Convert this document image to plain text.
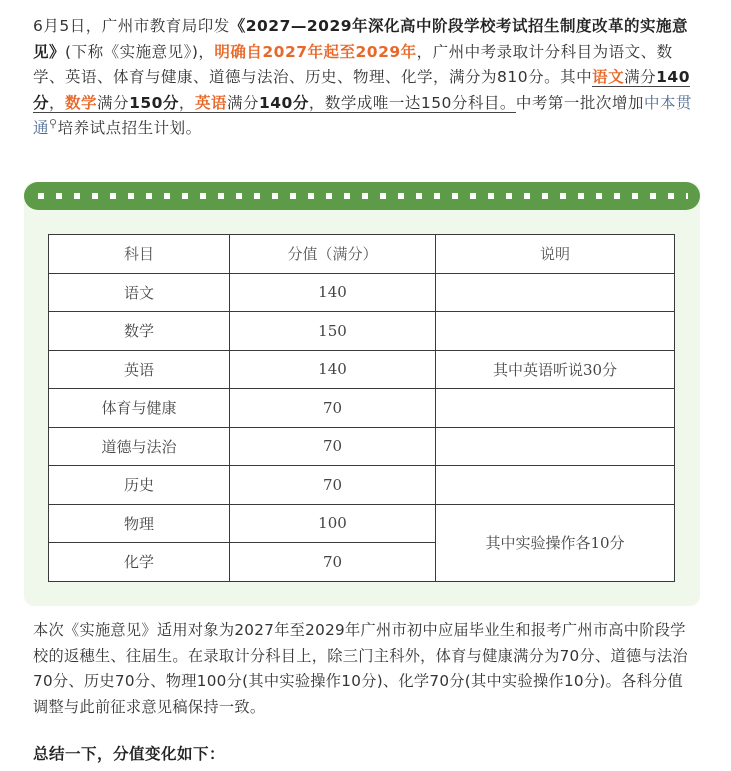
6月5日，广州市教育局印发《2027—2029年深化高中阶段学校考试招生制度改革的实施意见》(下称《实施意见》)，明确自2027年起至2029年，广州中考录取计分科目为语文、数学、英语、体育与健康、道德与法治、历史、物理、化学，满分为810分。其中语文满分140分，数学满分150分，英语满分140分，数学成唯一达150分科目。中考第一批次增加中本贯通⚲培养试点招生计划。
科目	分值（满分）	说明
语文	140	
数学	150	
英语	140	其中英语听说30分
体育与健康	70	
道德与法治	70	
历史	70	
物理	100	其中实验操作各10分
化学	70	
本次《实施意见》适用对象为2027年至2029年广州市初中应届毕业生和报考广州市高中阶段学校的返穗生、往届生。在录取计分科目上，除三门主科外，体育与健康满分为70分、道德与法治70分、历史70分、物理100分(其中实验操作10分)、化学70分(其中实验操作10分)。各科分值调整与此前征求意见稿保持一致。
总结一下，分值变化如下：
